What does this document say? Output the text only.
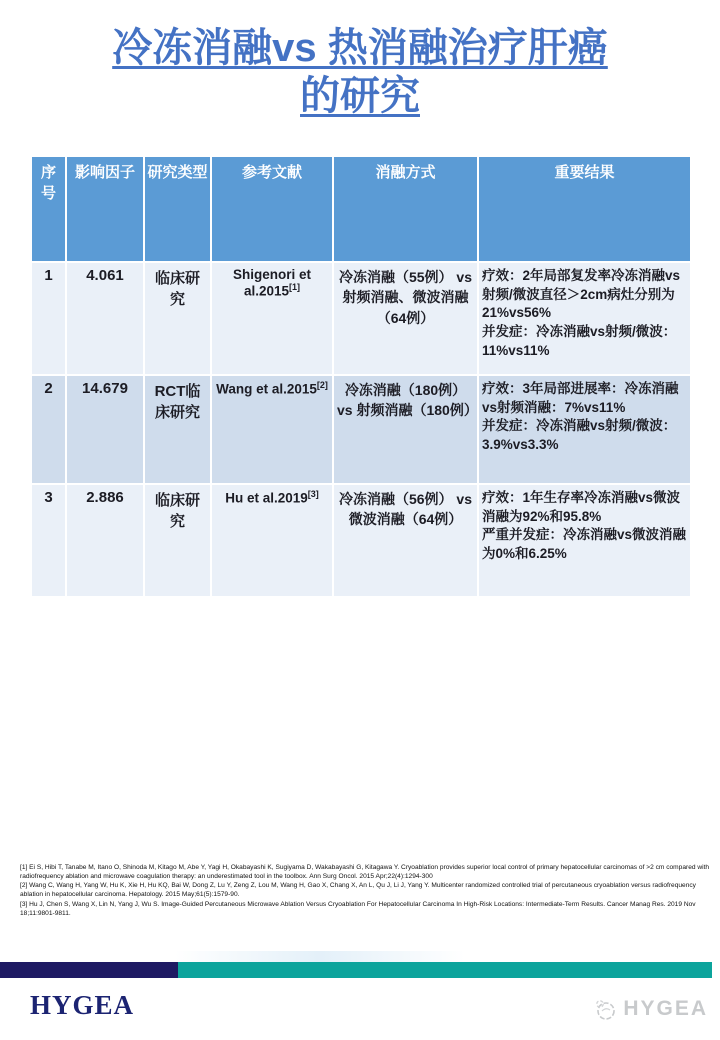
冷冻消融vs 热消融治疗肝癌
的研究
序号	影响因子	研究类型	参考文献	消融方式	重要结果
1	4.061	临床研究	Shigenori et al.2015[1]	冷冻消融（55例） vs 射频消融、微波消融（64例）	疗效：2年局部复发率冷冻消融vs射频/微波直径＞2cm病灶分别为21%vs56%
并发症：冷冻消融vs射频/微波：11%vs11%

2	14.679	RCT临床研究	Wang et al.2015[2]	冷冻消融（180例） vs 射频消融（180例）	疗效：3年局部进展率：冷冻消融vs射频消融：7%vs11%
并发症：冷冻消融vs射频/微波：3.9%vs3.3%

3	2.886	临床研究	Hu et al.2019[3]	冷冻消融（56例） vs 微波消融（64例）	疗效：1年生存率冷冻消融vs微波消融为92%和95.8%
严重并发症：冷冻消融vs微波消融为0%和6.25%

[1] Ei S, Hibi T, Tanabe M, Itano O, Shinoda M, Kitago M, Abe Y, Yagi H, Okabayashi K, Sugiyama D, Wakabayashi G, Kitagawa Y. Cryoablation provides superior local control of primary hepatocellular carcinomas of >2 cm compared with radiofrequency ablation and microwave coagulation therapy: an underestimated tool in the toolbox. Ann Surg Oncol. 2015 Apr;22(4):1294-300

[2] Wang C, Wang H, Yang W, Hu K, Xie H, Hu KQ, Bai W, Dong Z, Lu Y, Zeng Z, Lou M, Wang H, Gao X, Chang X, An L, Qu J, Li J, Yang Y. Multicenter randomized controlled trial of percutaneous cryoablation versus radiofrequency ablation in hepatocellular carcinoma. Hepatology. 2015 May;61(5):1579-90.

[3] Hu J, Chen S, Wang X, Lin N, Yang J, Wu S. Image-Guided Percutaneous Microwave Ablation Versus Cryoablation For Hepatocellular Carcinoma In High-Risk Locations: Intermediate-Term Results. Cancer Manag Res. 2019 Nov 18;11:9801-9811.

HYGEA	HYGEA
